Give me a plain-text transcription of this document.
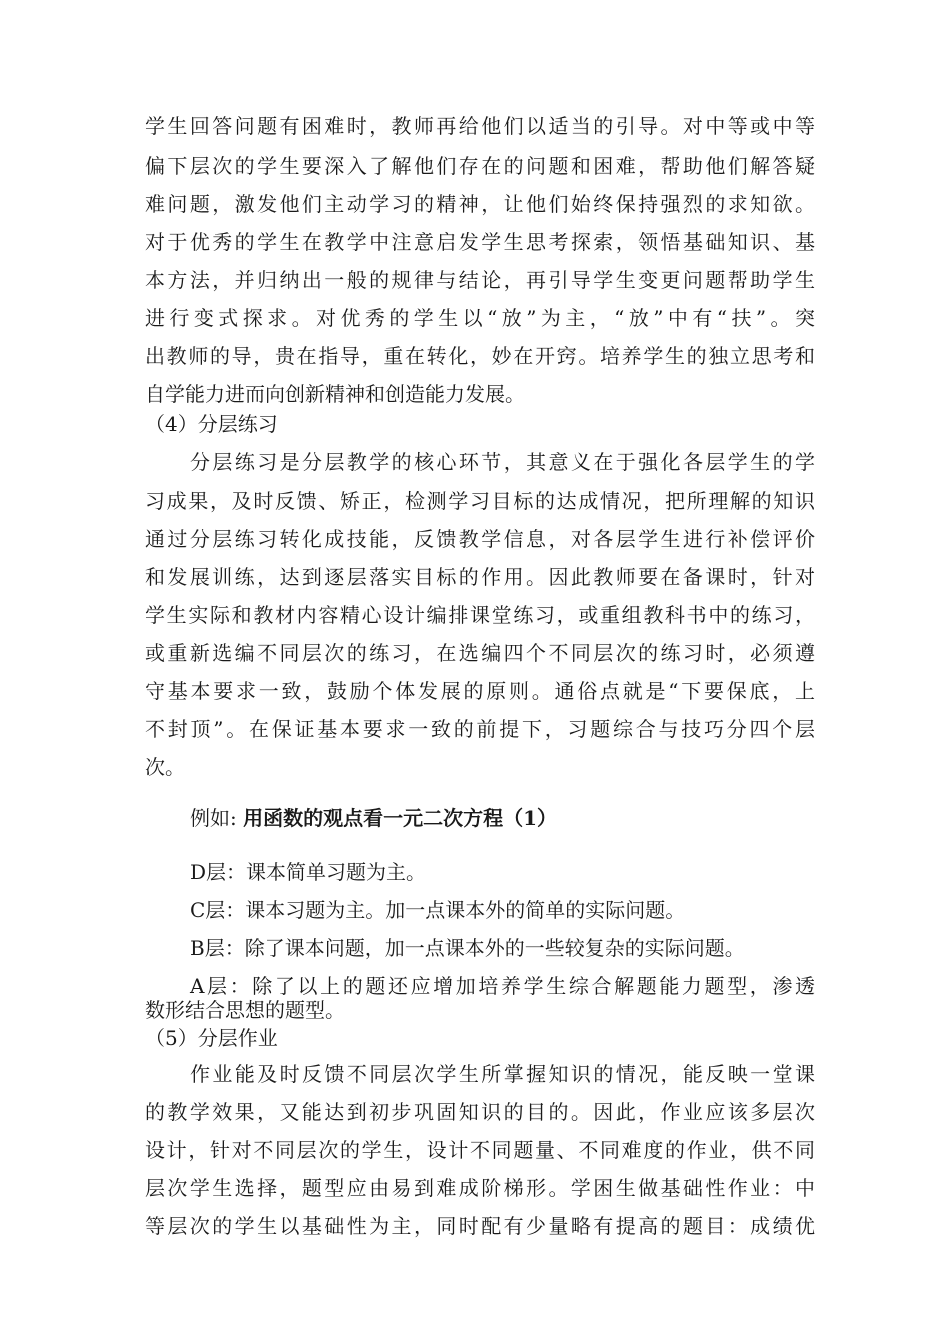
学生回答问题有困难时，教师再给他们以适当的引导。对中等或中等
偏下层次的学生要深入了解他们存在的问题和困难，帮助他们解答疑
难问题，激发他们主动学习的精神，让他们始终保持强烈的求知欲。
对于优秀的学生在教学中注意启发学生思考探索，领悟基础知识、基
本方法，并归纳出一般的规律与结论，再引导学生变更问题帮助学生
进行变式探求。对优秀的学生以“放”为主，“放”中有“扶”。突
出教师的导，贵在指导，重在转化，妙在开窍。培养学生的独立思考和
自学能力进而向创新精神和创造能力发展。
（4）分层练习
分层练习是分层教学的核心环节，其意义在于强化各层学生的学
习成果，及时反馈、矫正，检测学习目标的达成情况，把所理解的知识
通过分层练习转化成技能，反馈教学信息，对各层学生进行补偿评价
和发展训练，达到逐层落实目标的作用。因此教师要在备课时，针对
学生实际和教材内容精心设计编排课堂练习，或重组教科书中的练习，
或重新选编不同层次的练习，在选编四个不同层次的练习时，必须遵
守基本要求一致，鼓励个体发展的原则。通俗点就是“下要保底，上
不封顶”。在保证基本要求一致的前提下，习题综合与技巧分四个层
次。
例如: 用函数的观点看一元二次方程（1）
D层：课本简单习题为主。
C层：课本习题为主。加一点课本外的简单的实际问题。
B层：除了课本问题，加一点课本外的一些较复杂的实际问题。
A层：除了以上的题还应增加培养学生综合解题能力题型，渗透
数形结合思想的题型。
（5）分层作业
作业能及时反馈不同层次学生所掌握知识的情况，能反映一堂课
的教学效果，又能达到初步巩固知识的目的。因此，作业应该多层次
设计，针对不同层次的学生，设计不同题量、不同难度的作业，供不同
层次学生选择，题型应由易到难成阶梯形。学困生做基础性作业：中
等层次的学生以基础性为主，同时配有少量略有提高的题目：成绩优
